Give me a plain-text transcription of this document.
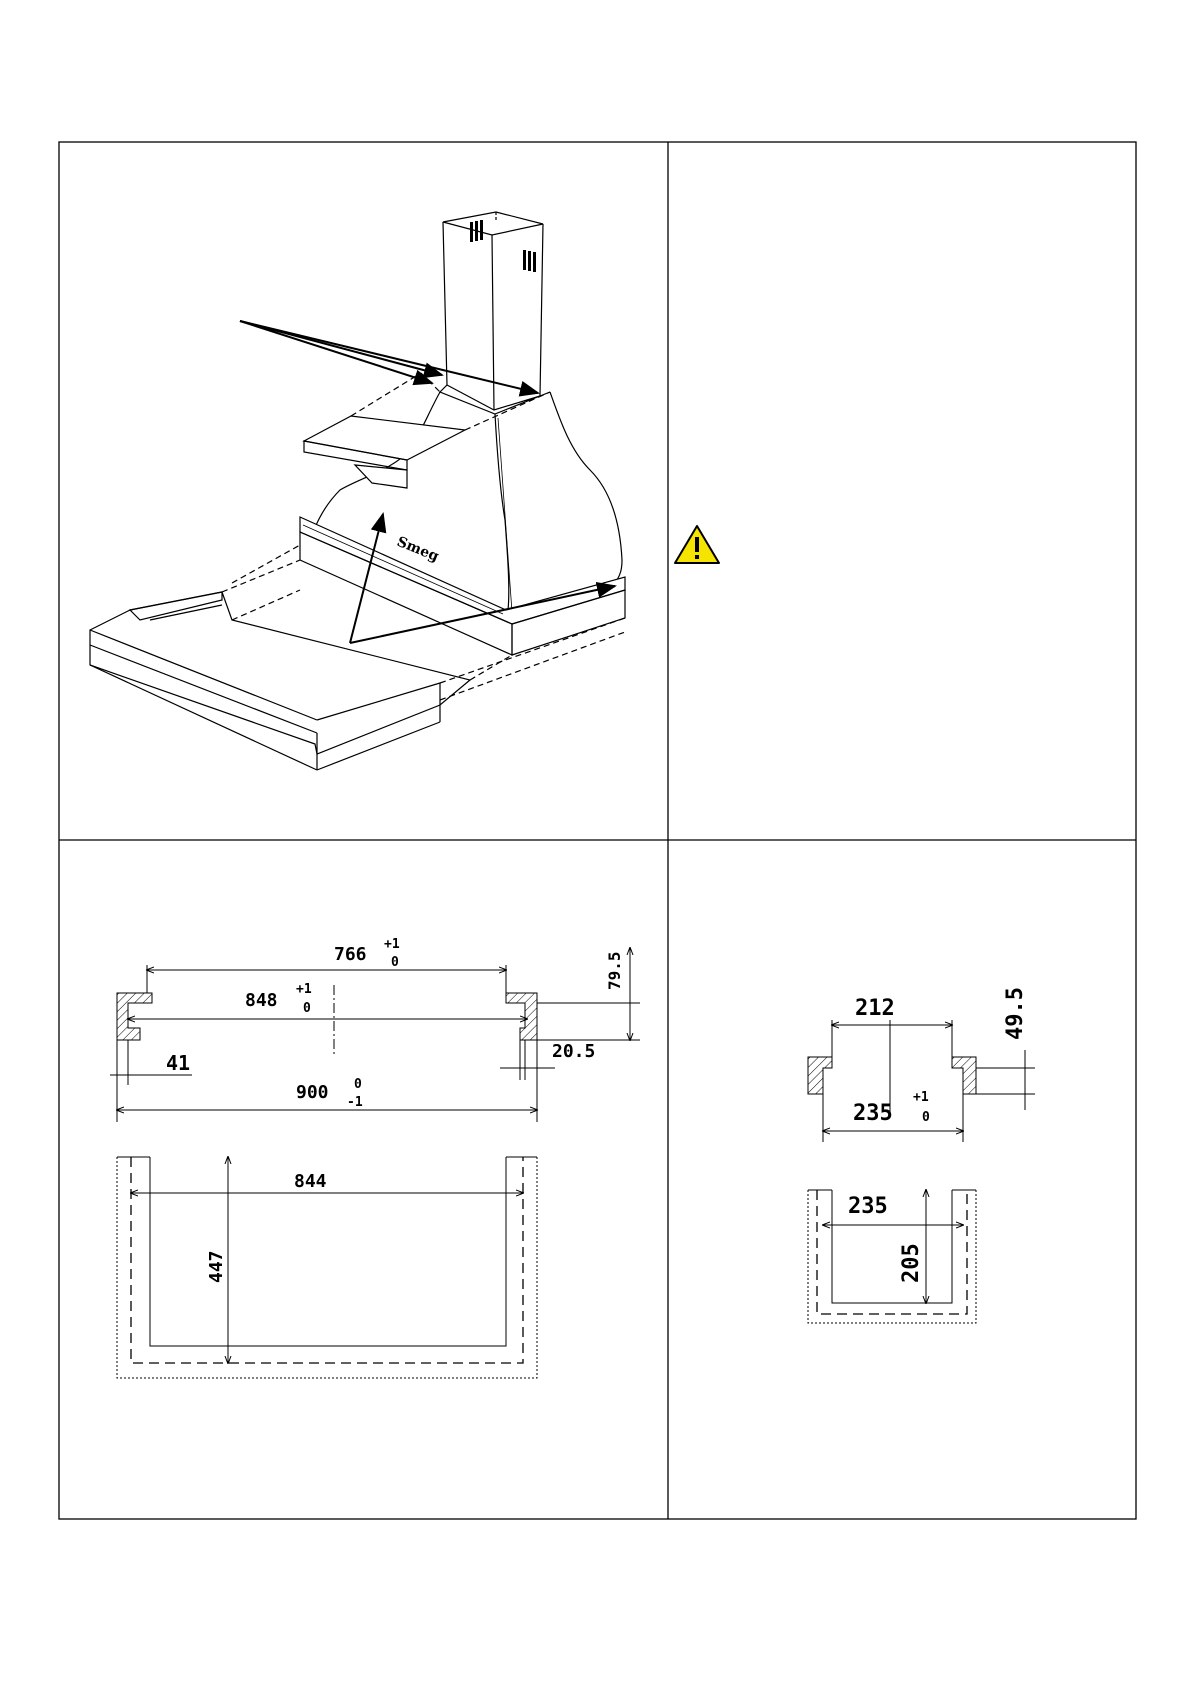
Smeg
766 +1
0
848
+1
0
79.5
41	20.5
900 0
-1
844
447
212	49.5
235
+1
0
235
205
